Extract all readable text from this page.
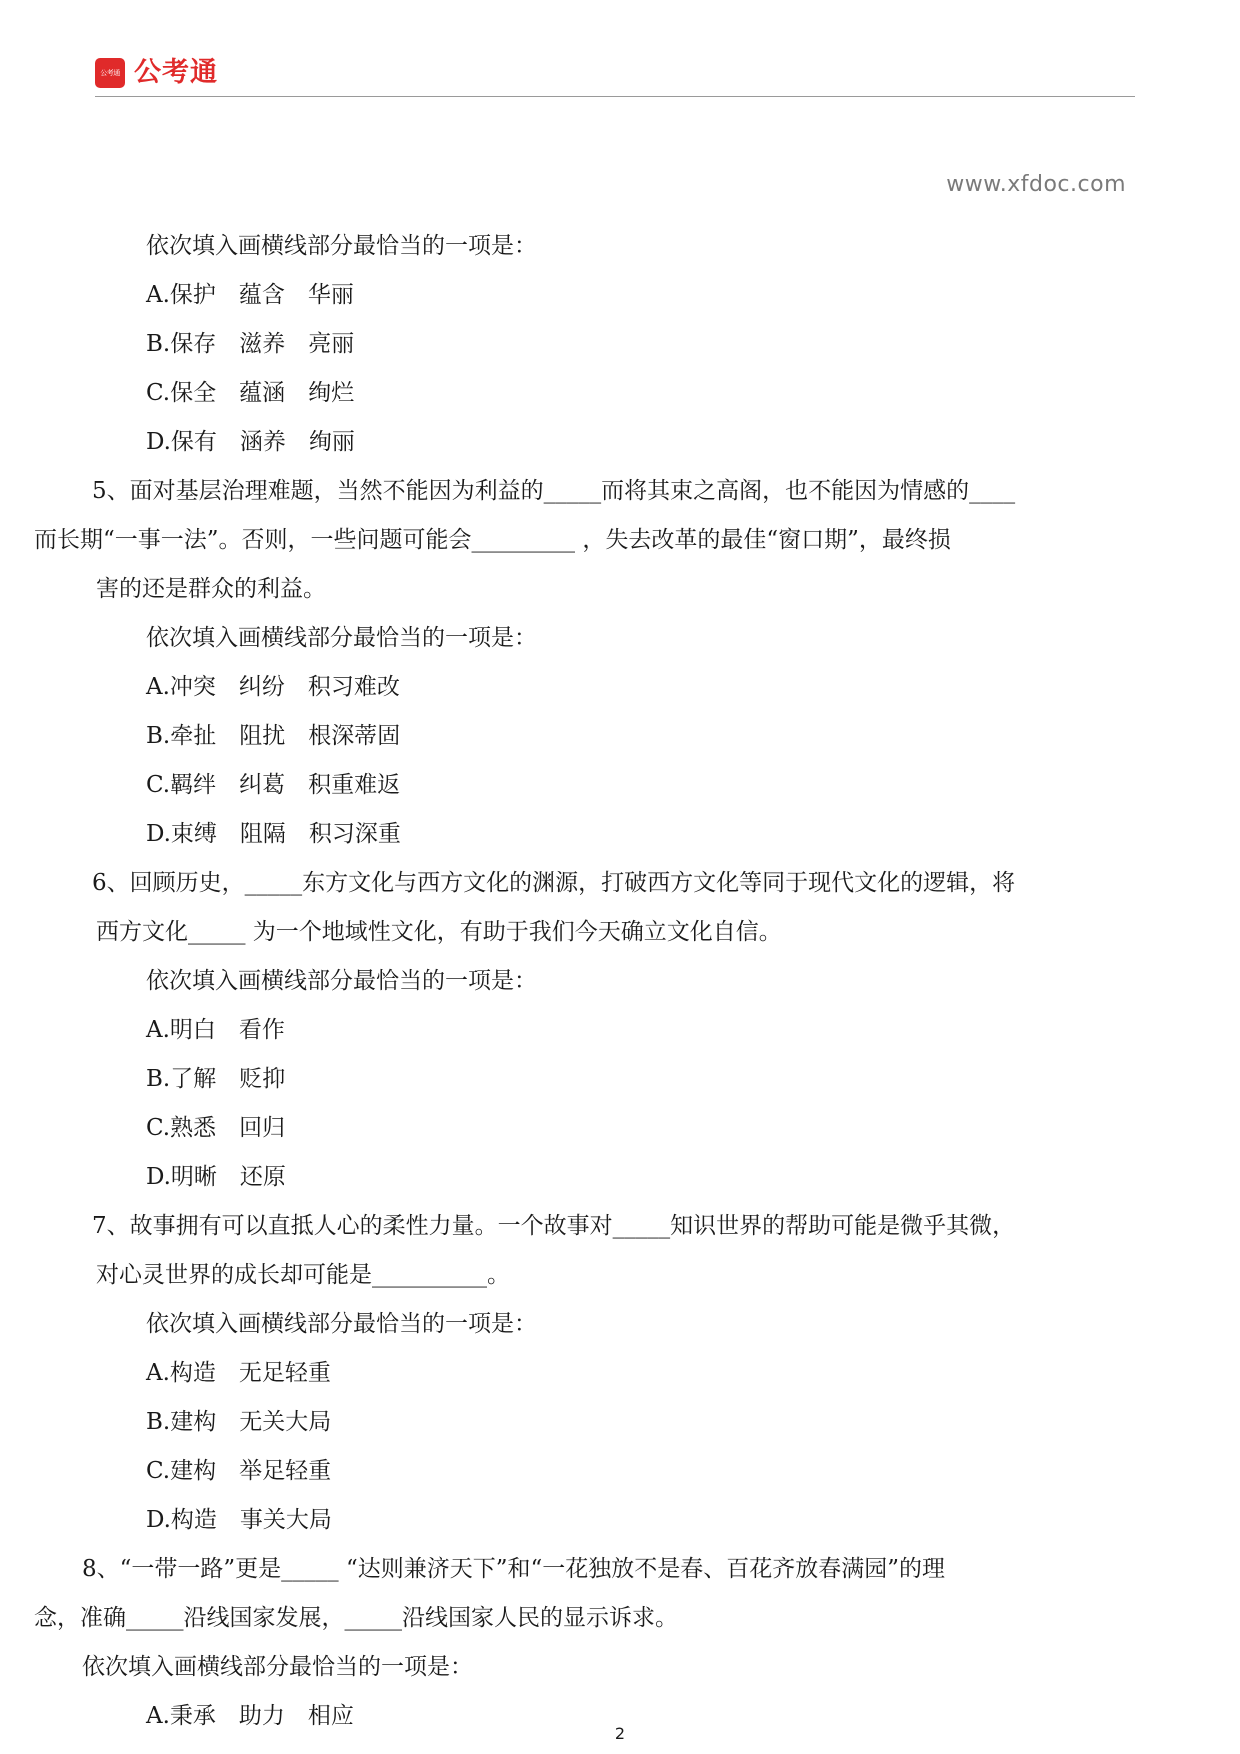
公考通 公考通
www.xfdoc.com
依次填入画横线部分最恰当的一项是：
A.保护　蕴含　华丽
B.保存　滋养　亮丽
C.保全　蕴涵　绚烂
D.保有　涵养　绚丽
5、面对基层治理难题，当然不能因为利益的_____而将其束之高阁，也不能因为情感的____
而长期“一事一法”。否则，一些问题可能会_________ ，失去改革的最佳“窗口期”，最终损
害的还是群众的利益。
依次填入画横线部分最恰当的一项是：
A.冲突　纠纷　积习难改
B.牵扯　阻扰　根深蒂固
C.羁绊　纠葛　积重难返
D.束缚　阻隔　积习深重
6、回顾历史，_____东方文化与西方文化的渊源，打破西方文化等同于现代文化的逻辑，将
西方文化_____ 为一个地域性文化，有助于我们今天确立文化自信。
依次填入画横线部分最恰当的一项是：
A.明白　看作
B.了解　贬抑
C.熟悉　回归
D.明晰　还原
7、故事拥有可以直抵人心的柔性力量。一个故事对_____知识世界的帮助可能是微乎其微，
对心灵世界的成长却可能是__________。
依次填入画横线部分最恰当的一项是：
A.构造　无足轻重
B.建构　无关大局
C.建构　举足轻重
D.构造　事关大局
8、“一带一路”更是_____ “达则兼济天下”和“一花独放不是春、百花齐放春满园”的理
念，准确_____沿线国家发展，_____沿线国家人民的显示诉求。
依次填入画横线部分最恰当的一项是：
A.秉承　助力　相应
2
